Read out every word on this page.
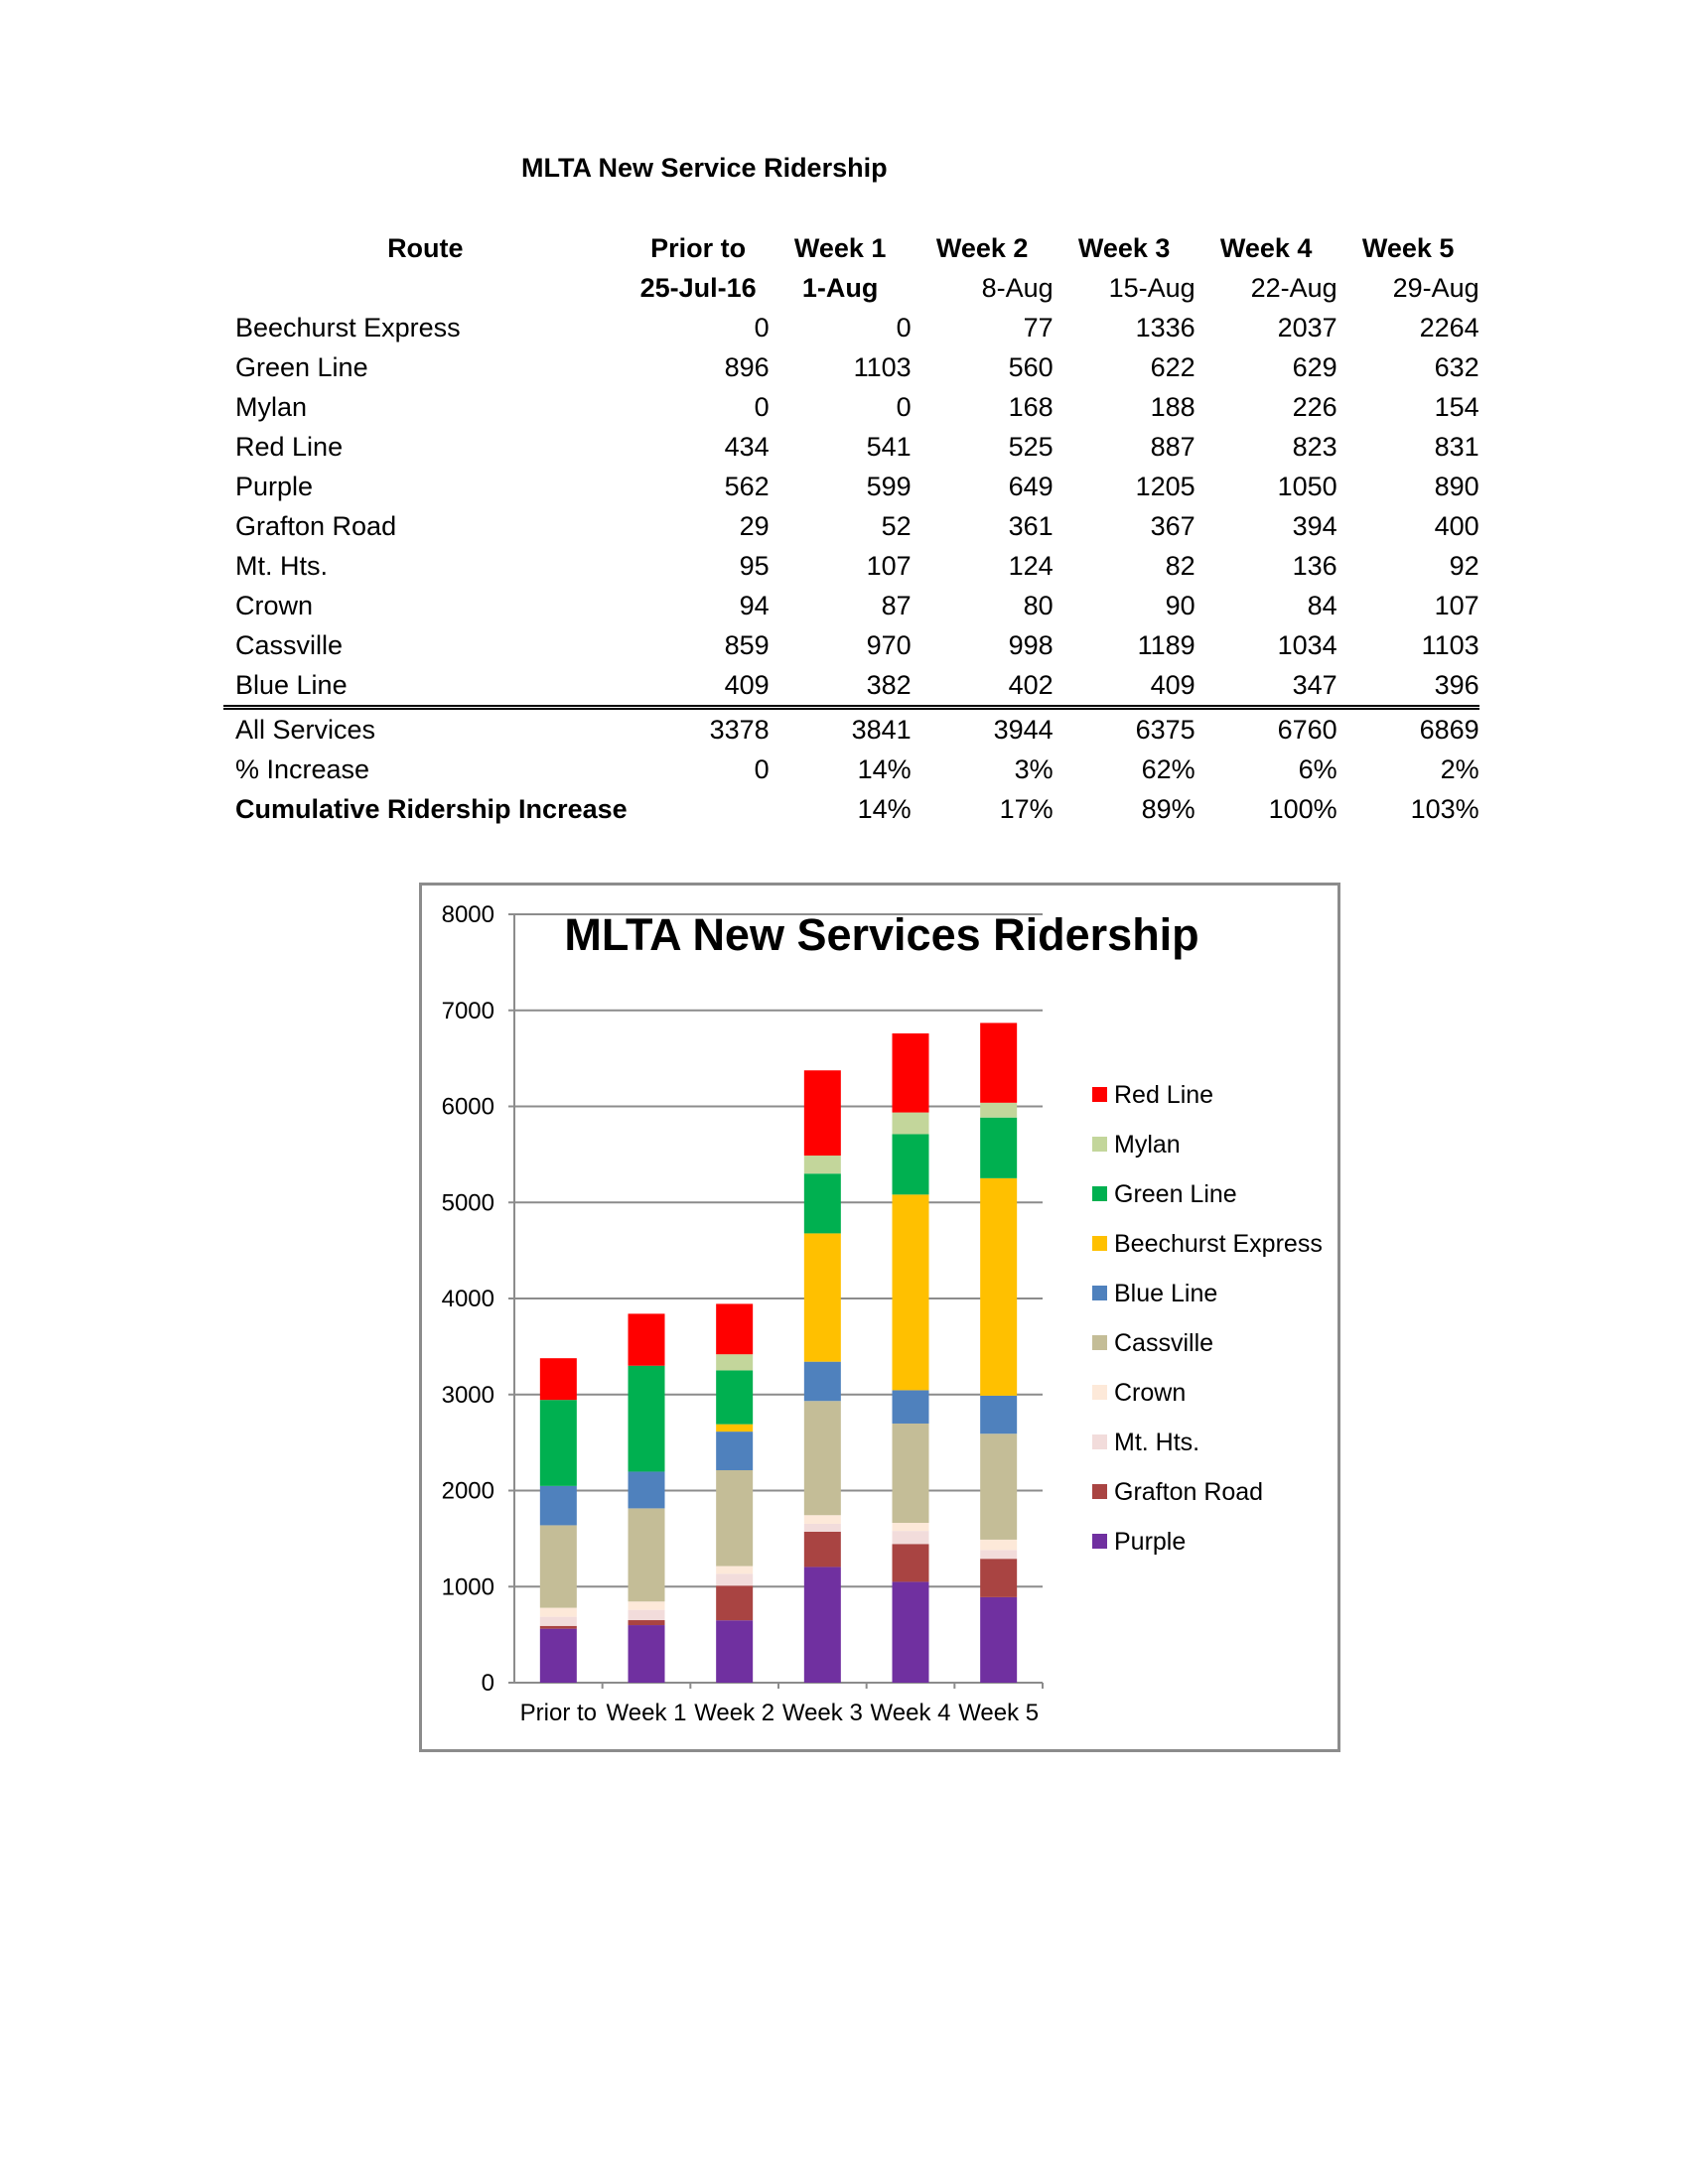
MLTA New Service Ridership
Route	Prior to	Week 1	Week 2	Week 3	Week 4	Week 5
	25-Jul-16	1-Aug	8-Aug	15-Aug	22-Aug	29-Aug
Beechurst Express	0	0	77	1336	2037	2264
Green Line	896	1103	560	622	629	632
Mylan	0	0	168	188	226	154
Red Line	434	541	525	887	823	831
Purple	562	599	649	1205	1050	890
Grafton Road	29	52	361	367	394	400
Mt. Hts.	95	107	124	82	136	92
Crown	94	87	80	90	84	107
Cassville	859	970	998	1189	1034	1103
Blue Line	409	382	402	409	347	396
All Services	3378	3841	3944	6375	6760	6869
% Increase	0	14%	3%	62%	6%	2%
Cumulative Ridership Increase		14%	17%	89%	100%	103%
0
1000
2000
3000
4000
5000
6000
7000
8000
Prior to Week 1 Week 2 Week 3 Week 4 Week 5
MLTA New Services Ridership
Red Line
Mylan
Green Line
Beechurst Express
Blue Line
Cassville
Crown
Mt. Hts.
Grafton Road
Purple
